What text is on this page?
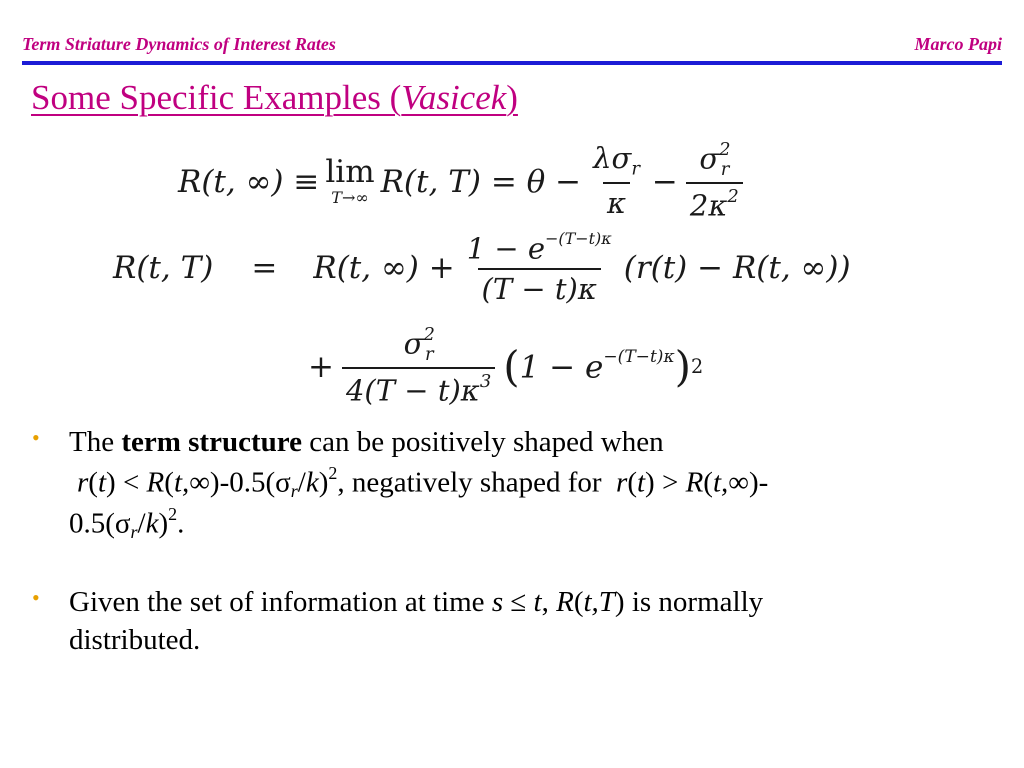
Term Striature Dynamics of Interest Rates	Marco Papi
Some Specific Examples (Vasicek)
R(t, ∞) ≡ lim
T→∞ R(t, $T) = \theta - \frac{\lambda\sigma_r}{\kappa} - \frac{\sigma^2_r}{2\kappa^2}$
R(t, T) = R(t, ∞) + $\frac{1 - e^{-(T-t)\kappa}}{(T - t)\kappa} (r(t) - R(t$, ∞))
+ $\frac{\sigma^2_r}{4(T - t)\kappa^3}$ ( $1 - e^{-(T-t)\kappa}$ ) 2
•
The term structure can be positively shaped when
$r(t) < R(t,\infty)-0.5(\sigma r/k)^2$, negatively shaped for  r(t) > R(t,∞)-
$0.5(\sigma r/k)^2$.
•
Given the set of information at time s ≤ t, R(t,T) is normally
distributed.
